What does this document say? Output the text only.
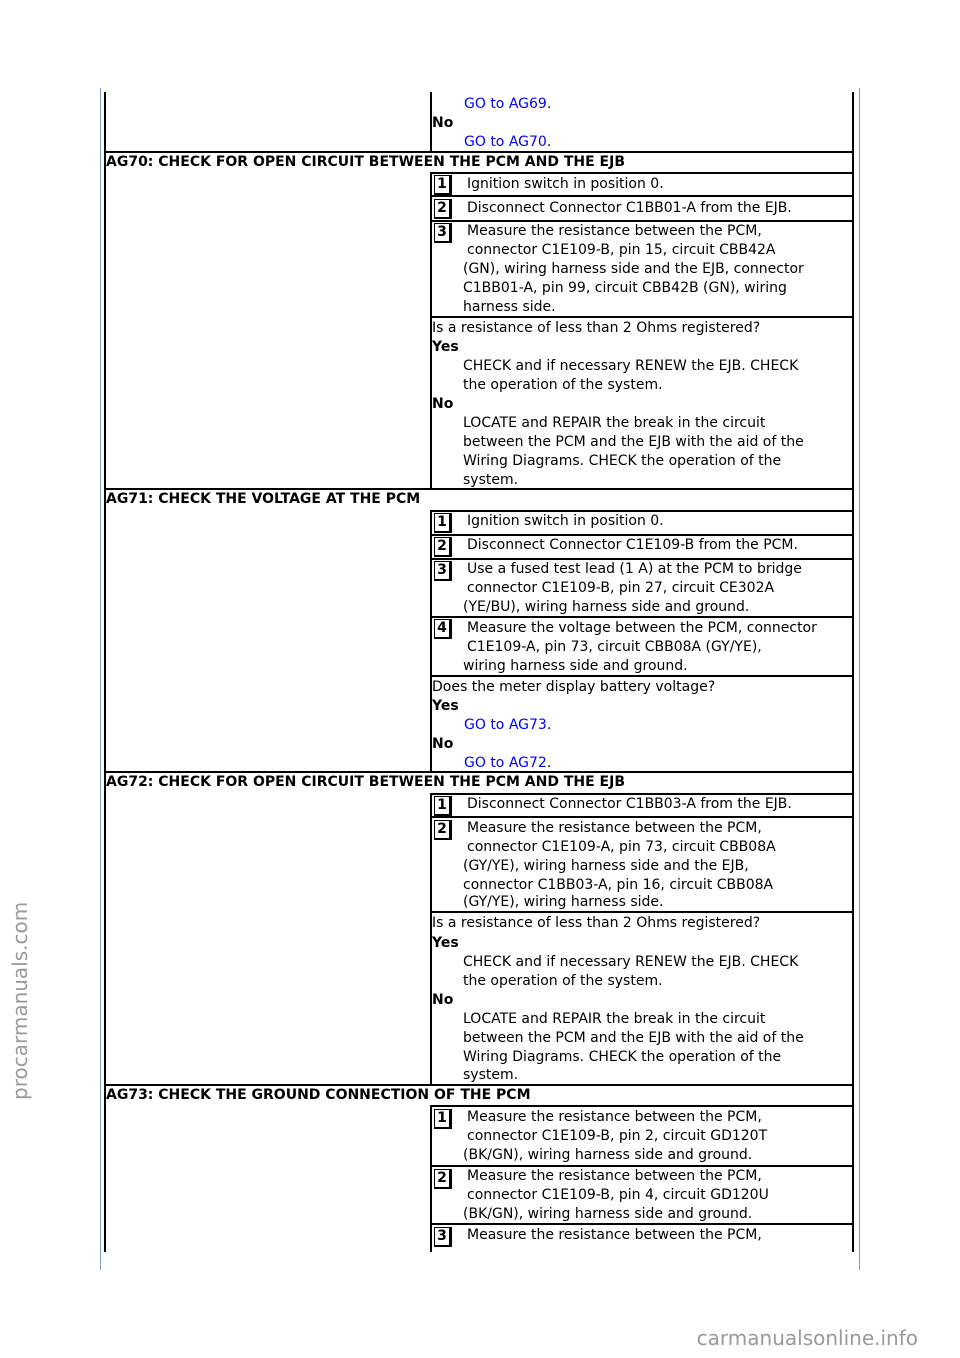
procarmanuals.com
carmanualsonline.info
GO to AG69.
No
GO to AG70.
AG70: CHECK FOR OPEN CIRCUIT BETWEEN THE PCM AND THE EJB
1	Ignition switch in position 0.
2	Disconnect Connector C1BB01-A from the EJB.
3	Measure the resistance between the PCM,
connector C1E109-B, pin 15, circuit CBB42A
(GN), wiring harness side and the EJB, connector
C1BB01-A, pin 99, circuit CBB42B (GN), wiring
harness side.
Is a resistance of less than 2 Ohms registered?
Yes
CHECK and if necessary RENEW the EJB. CHECK
the operation of the system.
No
LOCATE and REPAIR the break in the circuit
between the PCM and the EJB with the aid of the
Wiring Diagrams. CHECK the operation of the
system.
AG71: CHECK THE VOLTAGE AT THE PCM
1	Ignition switch in position 0.
2	Disconnect Connector C1E109-B from the PCM.
3	Use a fused test lead (1 A) at the PCM to bridge
connector C1E109-B, pin 27, circuit CE302A
(YE/BU), wiring harness side and ground.
4	Measure the voltage between the PCM, connector
C1E109-A, pin 73, circuit CBB08A (GY/YE),
wiring harness side and ground.
Does the meter display battery voltage?
Yes
GO to AG73.
No
GO to AG72.
AG72: CHECK FOR OPEN CIRCUIT BETWEEN THE PCM AND THE EJB
1	Disconnect Connector C1BB03-A from the EJB.
2	Measure the resistance between the PCM,
connector C1E109-A, pin 73, circuit CBB08A
(GY/YE), wiring harness side and the EJB,
connector C1BB03-A, pin 16, circuit CBB08A
(GY/YE), wiring harness side.
Is a resistance of less than 2 Ohms registered?
Yes
CHECK and if necessary RENEW the EJB. CHECK
the operation of the system.
No
LOCATE and REPAIR the break in the circuit
between the PCM and the EJB with the aid of the
Wiring Diagrams. CHECK the operation of the
system.
AG73: CHECK THE GROUND CONNECTION OF THE PCM
1	Measure the resistance between the PCM,
connector C1E109-B, pin 2, circuit GD120T
(BK/GN), wiring harness side and ground.
2	Measure the resistance between the PCM,
connector C1E109-B, pin 4, circuit GD120U
(BK/GN), wiring harness side and ground.
3	Measure the resistance between the PCM,
